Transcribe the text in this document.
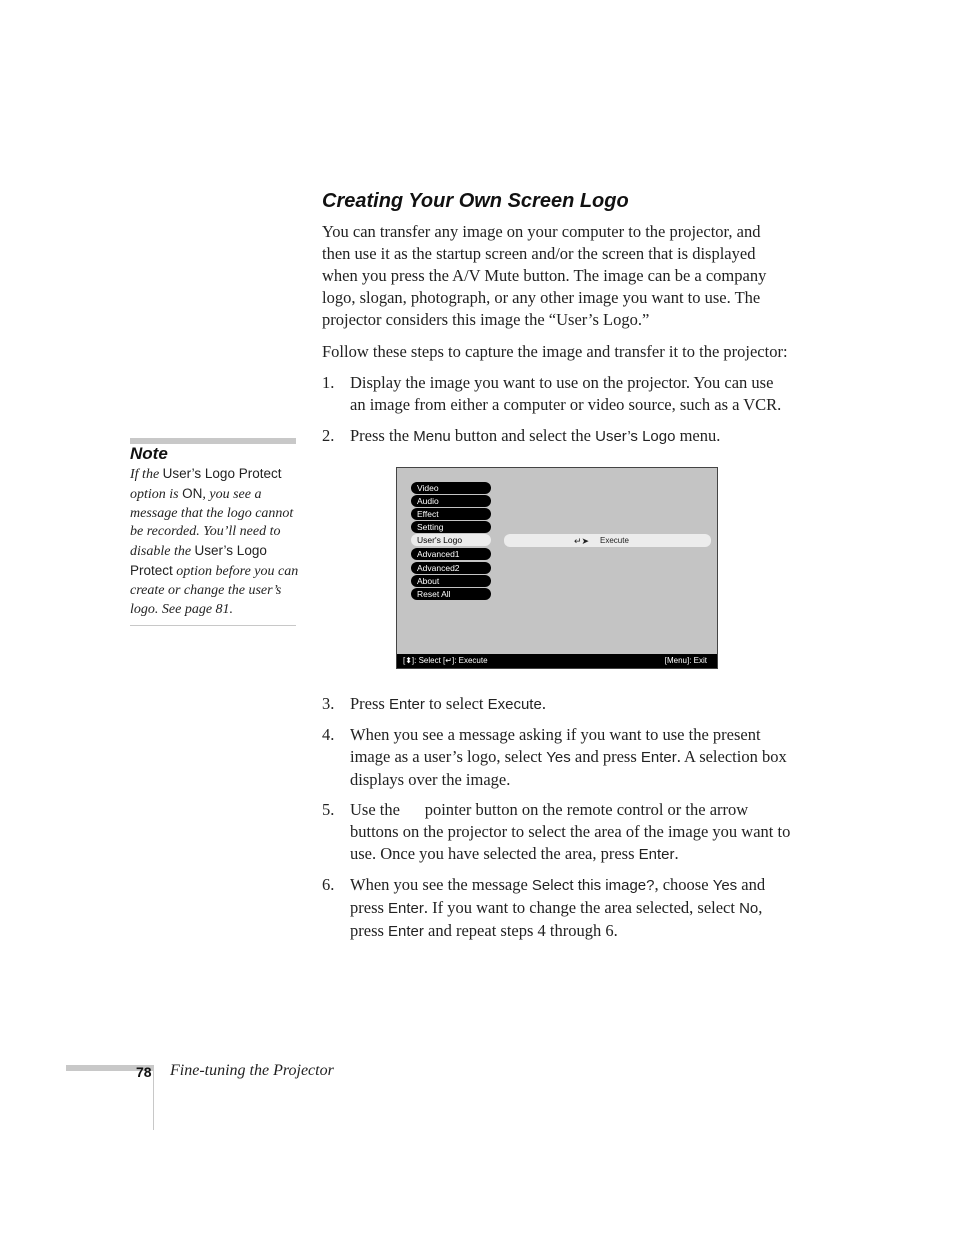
Creating Your Own Screen Logo
You can transfer any image on your computer to the projector, and then use it as the startup screen and/or the screen that is displayed when you press the A/V Mute button. The image can be a company logo, slogan, photograph, or any other image you want to use. The projector considers this image the “User’s Logo.”
Follow these steps to capture the image and transfer it to the projector:
1. Display the image you want to use on the projector. You can use an image from either a computer or video source, such as a VCR.
2. Press the Menu button and select the User’s Logo menu.
Video
Audio
Effect
Setting
User's Logo
Advanced1
Advanced2
About
Reset All
↵➤ Execute
[⬍]: Select [↵]: Execute	[Menu]: Exit
3. Press Enter to select Execute.
4. When you see a message asking if you want to use the present image as a user’s logo, select Yes and press Enter. A selection box displays over the image.
5. Use the      pointer button on the remote control or the arrow buttons on the projector to select the area of the image you want to use. Once you have selected the area, press Enter.
6. When you see the message Select this image?, choose Yes and press Enter. If you want to change the area selected, select No, press Enter and repeat steps 4 through 6.
Note
If the User’s Logo Protect option is ON, you see a message that the logo cannot be recorded. You’ll need to disable the User’s Logo Protect option before you can create or change the user’s logo. See page 81.
78 Fine-tuning the Projector
